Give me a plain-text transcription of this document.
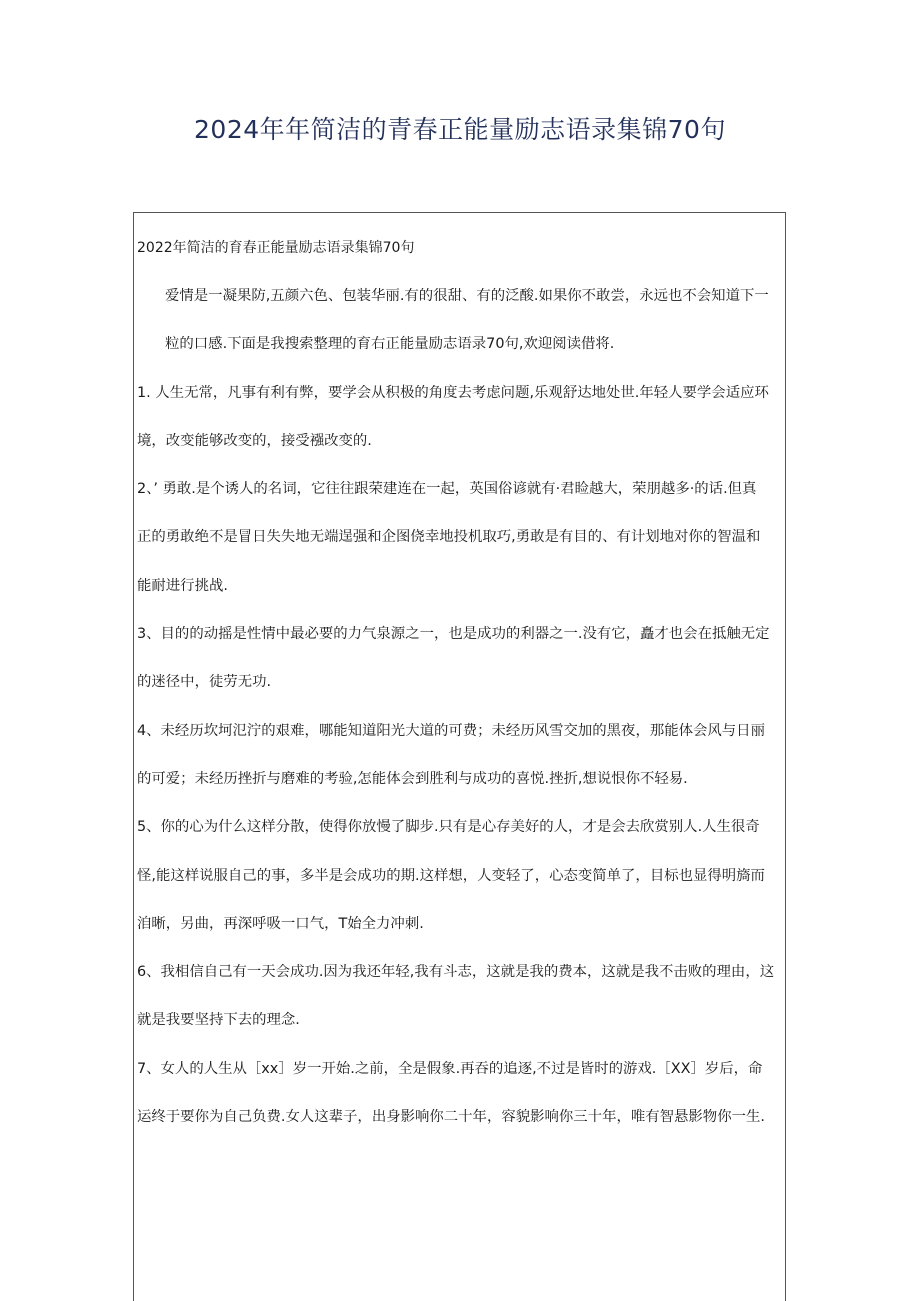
2024年年简洁的青春正能量励志语录集锦70句
2022年简洁的育春正能量励志语录集锦70句

爱情是一凝果防,五颜六色、包装华丽.有的很甜、有的泛酸.如果你不敢尝，永远也不会知道下一
粒的口感.下面是我搜索整理的育右正能量励志语录70句,欢迎阅读借将.

1. 人生无常，凡事有利有弊，要学会从积极的角度去考虑问题,乐观舒达地处世.年轻人要学会适应环
境，改变能够改变的，接受襁改变的.

2、’ 勇敢.是个诱人的名词，它往往跟荣建连在一起，英国俗谚就有·君睑越大，荣朋越多·的话.但真
正的勇敢绝不是冒日失失地无端逞强和企图侥幸地投机取巧,勇敢是有目的、有计划地对你的智温和
能耐进行挑战.

3、目的的动摇是性情中最必要的力气泉源之一，也是成功的利器之一.没有它，矗才也会在抵触无定
的迷径中，徒劳无功.

4、未经历坎坷氾泞的艰难，哪能知道阳光大道的可费；未经历风雪交加的黑夜，那能体会风与日丽
的可爱；未经历挫折与磨难的考验,怎能体会到胜利与成功的喜悦.挫折,想说恨你不轻易.

5、你的心为什么这样分散，使得你放慢了脚步.只有是心存美好的人，才是会去欣赏别人.人生很奇
怪,能这样说服自己的事，多半是会成功的期.这样想，人变轻了，心态变简单了，目标也显得明旖而
洎晰，另曲，再深呼吸一口气，T始全力冲刺.

6、我相信自己有一天会成功.因为我还年轻,我有斗志，这就是我的费本，这就是我不击败的理由，这
就是我要坚持下去的理念.

7、女人的人生从［xx］岁一开始.之前，全是假象.再吞的追逐,不过是皆时的游戏.［XX］岁后，命
运终于要你为自己负费.女人这辈子，出身影响你二十年，容貌影响你三十年，唯有智悬影物你一生.
